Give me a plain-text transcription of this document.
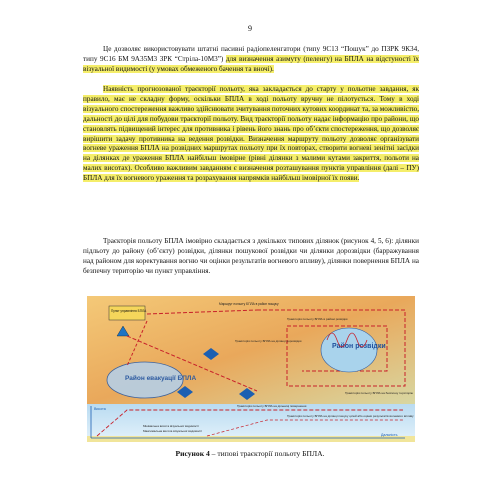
9
Це дозволяє використовувати штатні пасивні радіопеленгатори (типу 9С13 “Пошук” до ПЗРК 9К34, типу 9С16 БМ 9А35М3 ЗРК “Стріла-10М3”) для визначення азимуту (пеленгу) на БПЛА на відстуності їх візуальної видимості (у умовах обмеженого бачення та вночі).
Наявність прогнозованої траєкторії польоту, яка закладається до старту у польотне завдання, як правило, має не складну форму, оскільки БПЛА в ході польоту вручну не пілотується. Тому в ході візуального спостереження важливо здійснювати зчитування поточних кутових координат та, за можливістю, дальності до цілі для побудови траєкторії польоту. Вид траєкторії польоту надає інформацію про райони, що становлять підвищений інтерес для противника і рівень його знань про об’єкти спостереження, що дозволяє вирішити задачу противника на ведення розвідки. Визначення маршруту польоту дозволяє організувати вогневе ураження БПЛА на розвідних маршрутах польоту при їх повторах, створити вогневі зенітні засідки на ділянках де ураження БПЛА найбільш імовірне (рівні ділянки з малими кутами закриття, польоти на малих висотах). Особливо важливим завданням є визначення розташування пунктів управління (далі – ПУ) БПЛА для їх вогневого ураження та розрахування напрямків найбільш імовірної їх появи.
Траєкторія польоту БПЛА імовірно складається з декількох типових ділянок (рисунок 4, 5, 6): ділянки підльоту до району (об’єкту) розвідки, ділянки пошукової розвідки чи ділянки дорозвідки (барражування над районом для коректування вогню чи оцінки результатів вогневого впливу), ділянки повернення БПЛА на безпечну територію чи пункт управління.
Район евакуації БПЛА
Пункт управління БПЛА
Маршрут польоту БПЛА в район пошуку
Район розвідки
Траєкторія польоту БПЛА на ділянці дорозвідки
Траєкторія польоту БПЛА на безпечну територію
Траєкторія польоту БПЛА в районі розвідки
Висота
Дальність
Мінімальна висота візуальної видимості
Максимальна висота візуальної видимості
Траєкторія польоту БПЛА на ділянці пошуку цілей або оцінки результатів вогневого впливу
Траєкторія польоту БПЛА на дільниці повернення
Рисунок 4 – типові траєкторії польоту БПЛА.
